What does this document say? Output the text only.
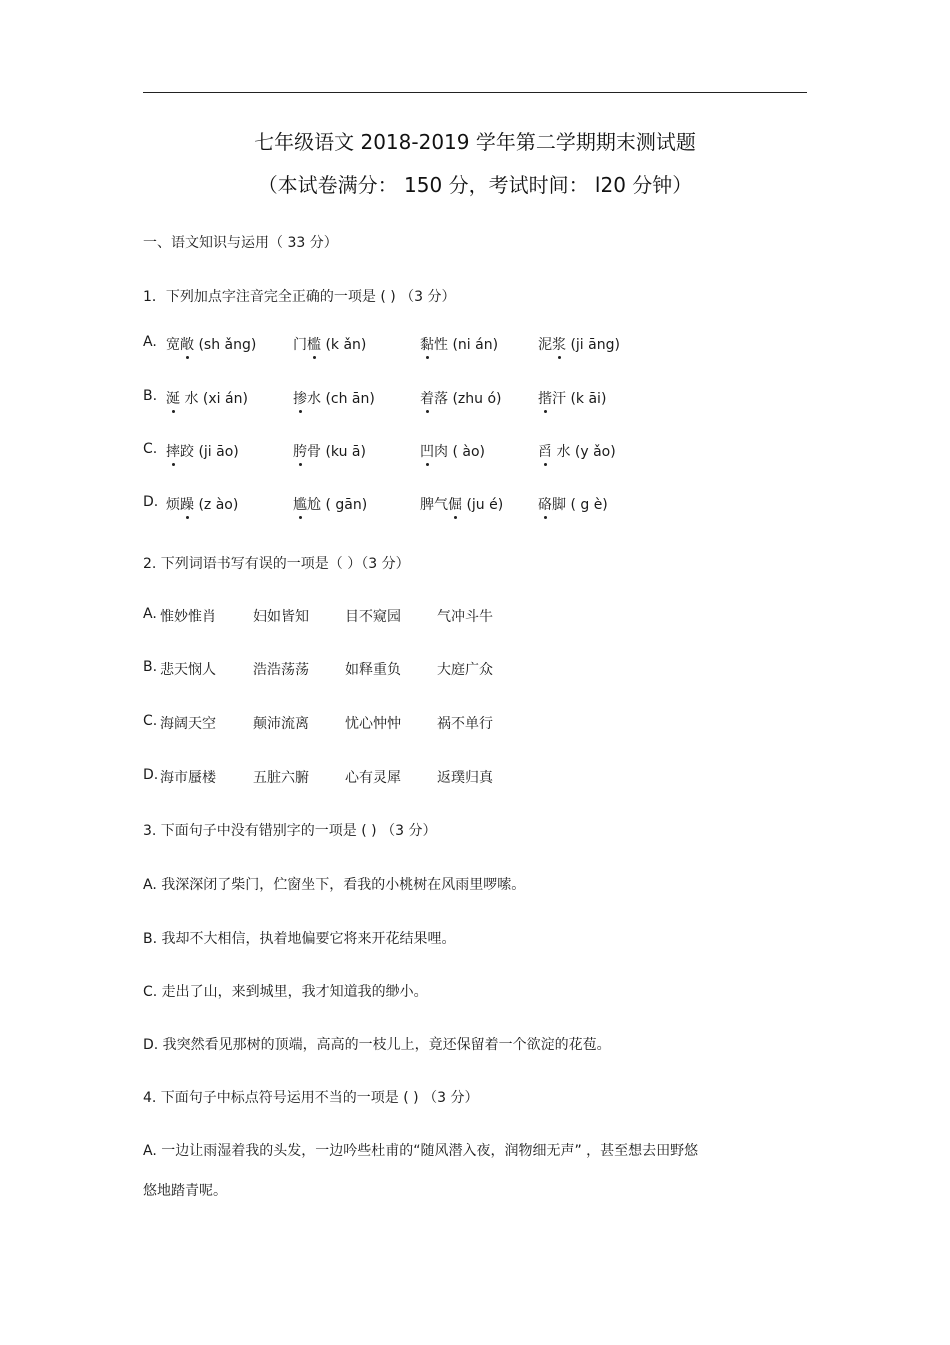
七年级语文 2018-2019 学年第二学期期末测试题
（本试卷满分： 150 分，考试时间： l20 分钟）
一、语文知识与运用（ 33 分）
1．下列加点字注音完全正确的一项是 ( ) （3 分）
A. 宽敞 (sh ǎng)	门槛 (k ǎn)	黏性 (ni án)	泥浆 (ji āng)
B. 涎 水 (xi án)	掺水 (ch ān)	着落 (zhu ó)	揩汗 (k āi)
C. 摔跤 (ji āo)	胯骨 (ku ā)	凹肉 ( ào)	舀 水 (y ǎo)
D. 烦躁 (z ào)	尴尬 ( gān)	脾气倔 (ju é) 硌脚 ( g è)
2. 下列词语书写有误的一项是（ ）（3 分）
A. 惟妙惟肖	妇如皆知	目不窥园	气冲斗牛
B. 悲天悯人	浩浩荡荡	如释重负	大庭广众
C. 海阔天空	颠沛流离	忧心忡忡	祸不单行
D. 海市蜃楼	五脏六腑	心有灵犀	返璞归真
3. 下面句子中没有错别字的一项是 ( ) （3 分）
A. 我深深闭了柴门，伫窗坐下，看我的小桃树在风雨里啰嗦。
B. 我却不大相信，执着地偏要它将来开花结果哩。
C. 走出了山，来到城里，我才知道我的缈小。
D. 我突然看见那树的顶端，高高的一枝儿上，竟还保留着一个欲淀的花苞。
4. 下面句子中标点符号运用不当的一项是 ( ) （3 分）
A. 一边让雨湿着我的头发，一边吟些杜甫的“随风潜入夜，润物细无声” ，甚至想去田野悠
悠地踏青呢。
